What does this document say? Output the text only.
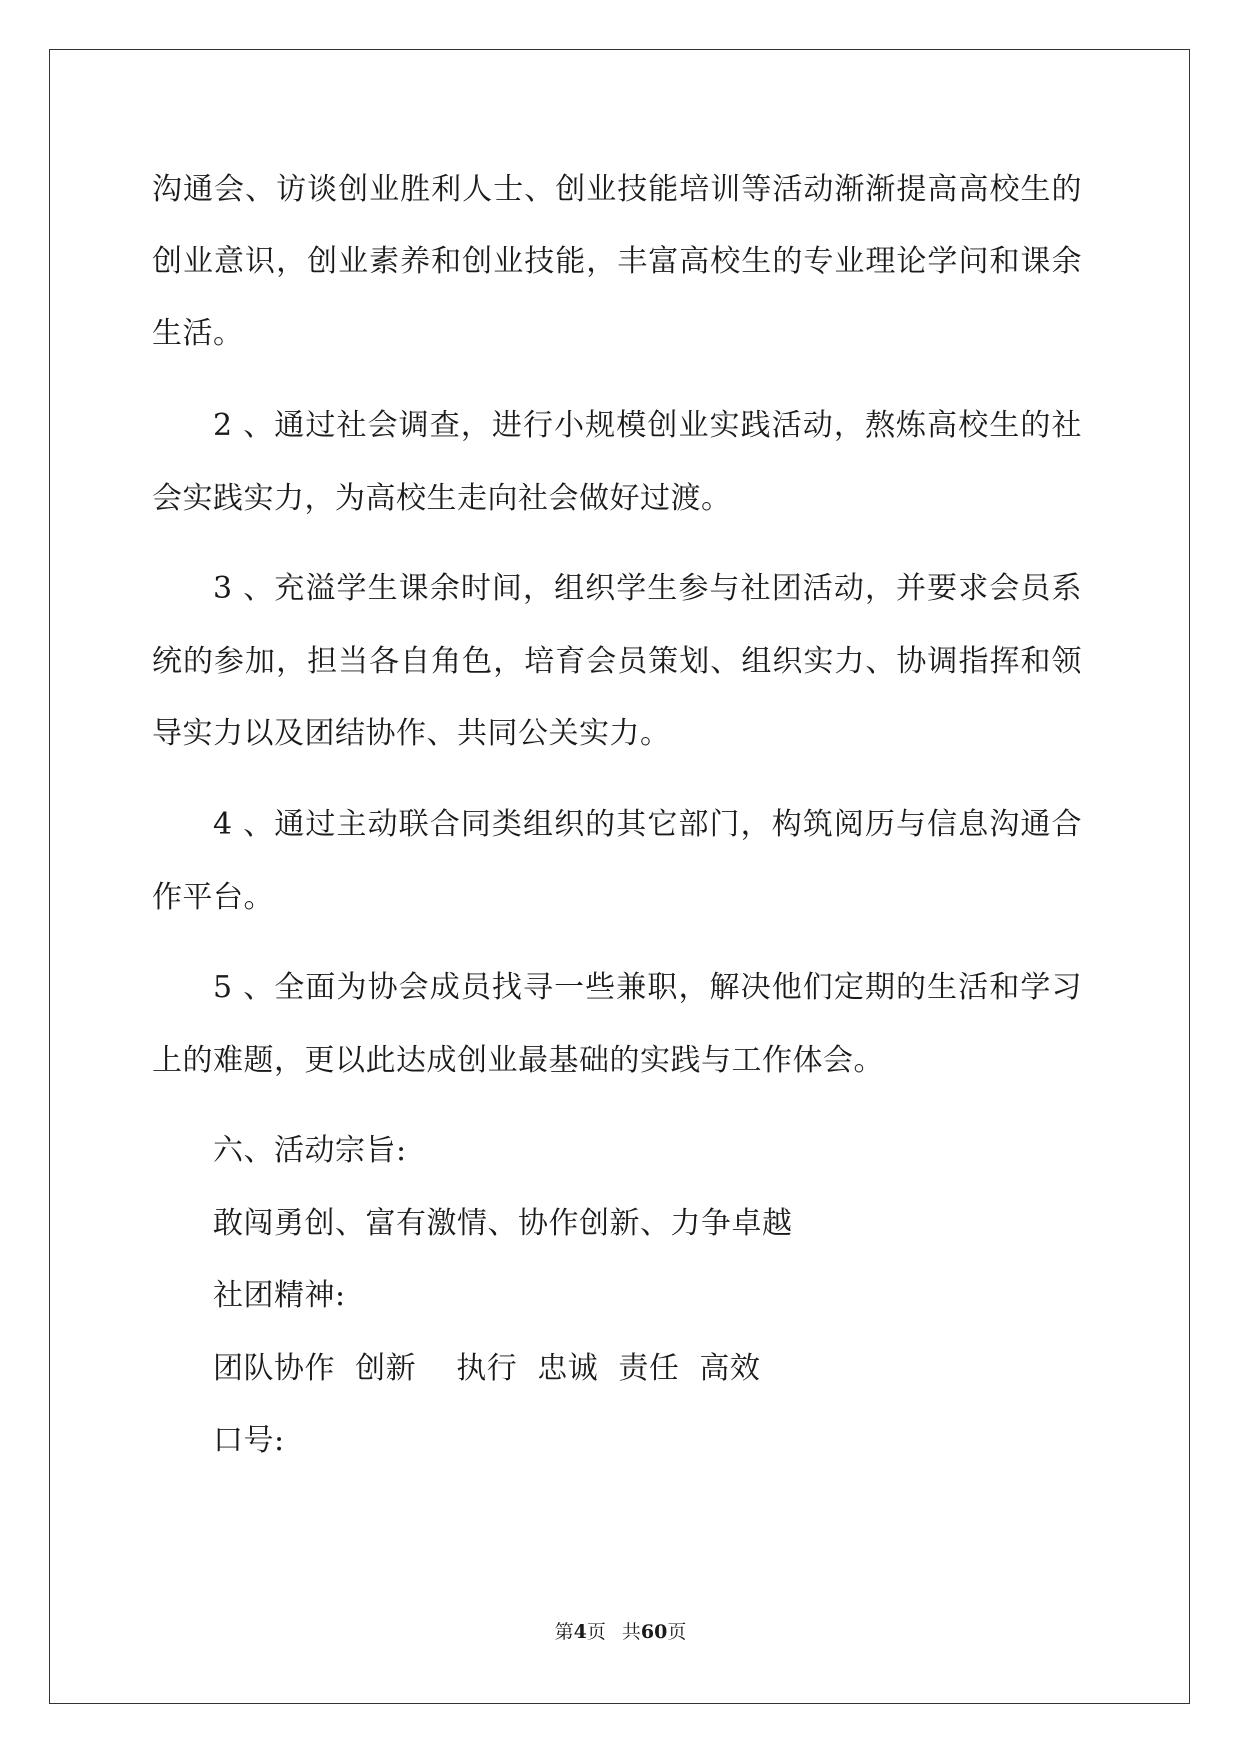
沟通会、访谈创业胜利人士、创业技能培训等活动渐渐提高高校生的
创业意识，创业素养和创业技能，丰富高校生的专业理论学问和课余
生活。
2 、通过社会调查，进行小规模创业实践活动，熬炼高校生的社
会实践实力，为高校生走向社会做好过渡。
3 、充溢学生课余时间，组织学生参与社团活动，并要求会员系
统的参加，担当各自角色，培育会员策划、组织实力、协调指挥和领
导实力以及团结协作、共同公关实力。
4 、通过主动联合同类组织的其它部门，构筑阅历与信息沟通合
作平台。
5 、全面为协会成员找寻一些兼职，解决他们定期的生活和学习
上的难题，更以此达成创业最基础的实践与工作体会。
六、活动宗旨:
敢闯勇创、富有激情、协作创新、力争卓越
社团精神:
团队协作  创新    执行  忠诚  责任  高效
口号:
第4页 共60页
